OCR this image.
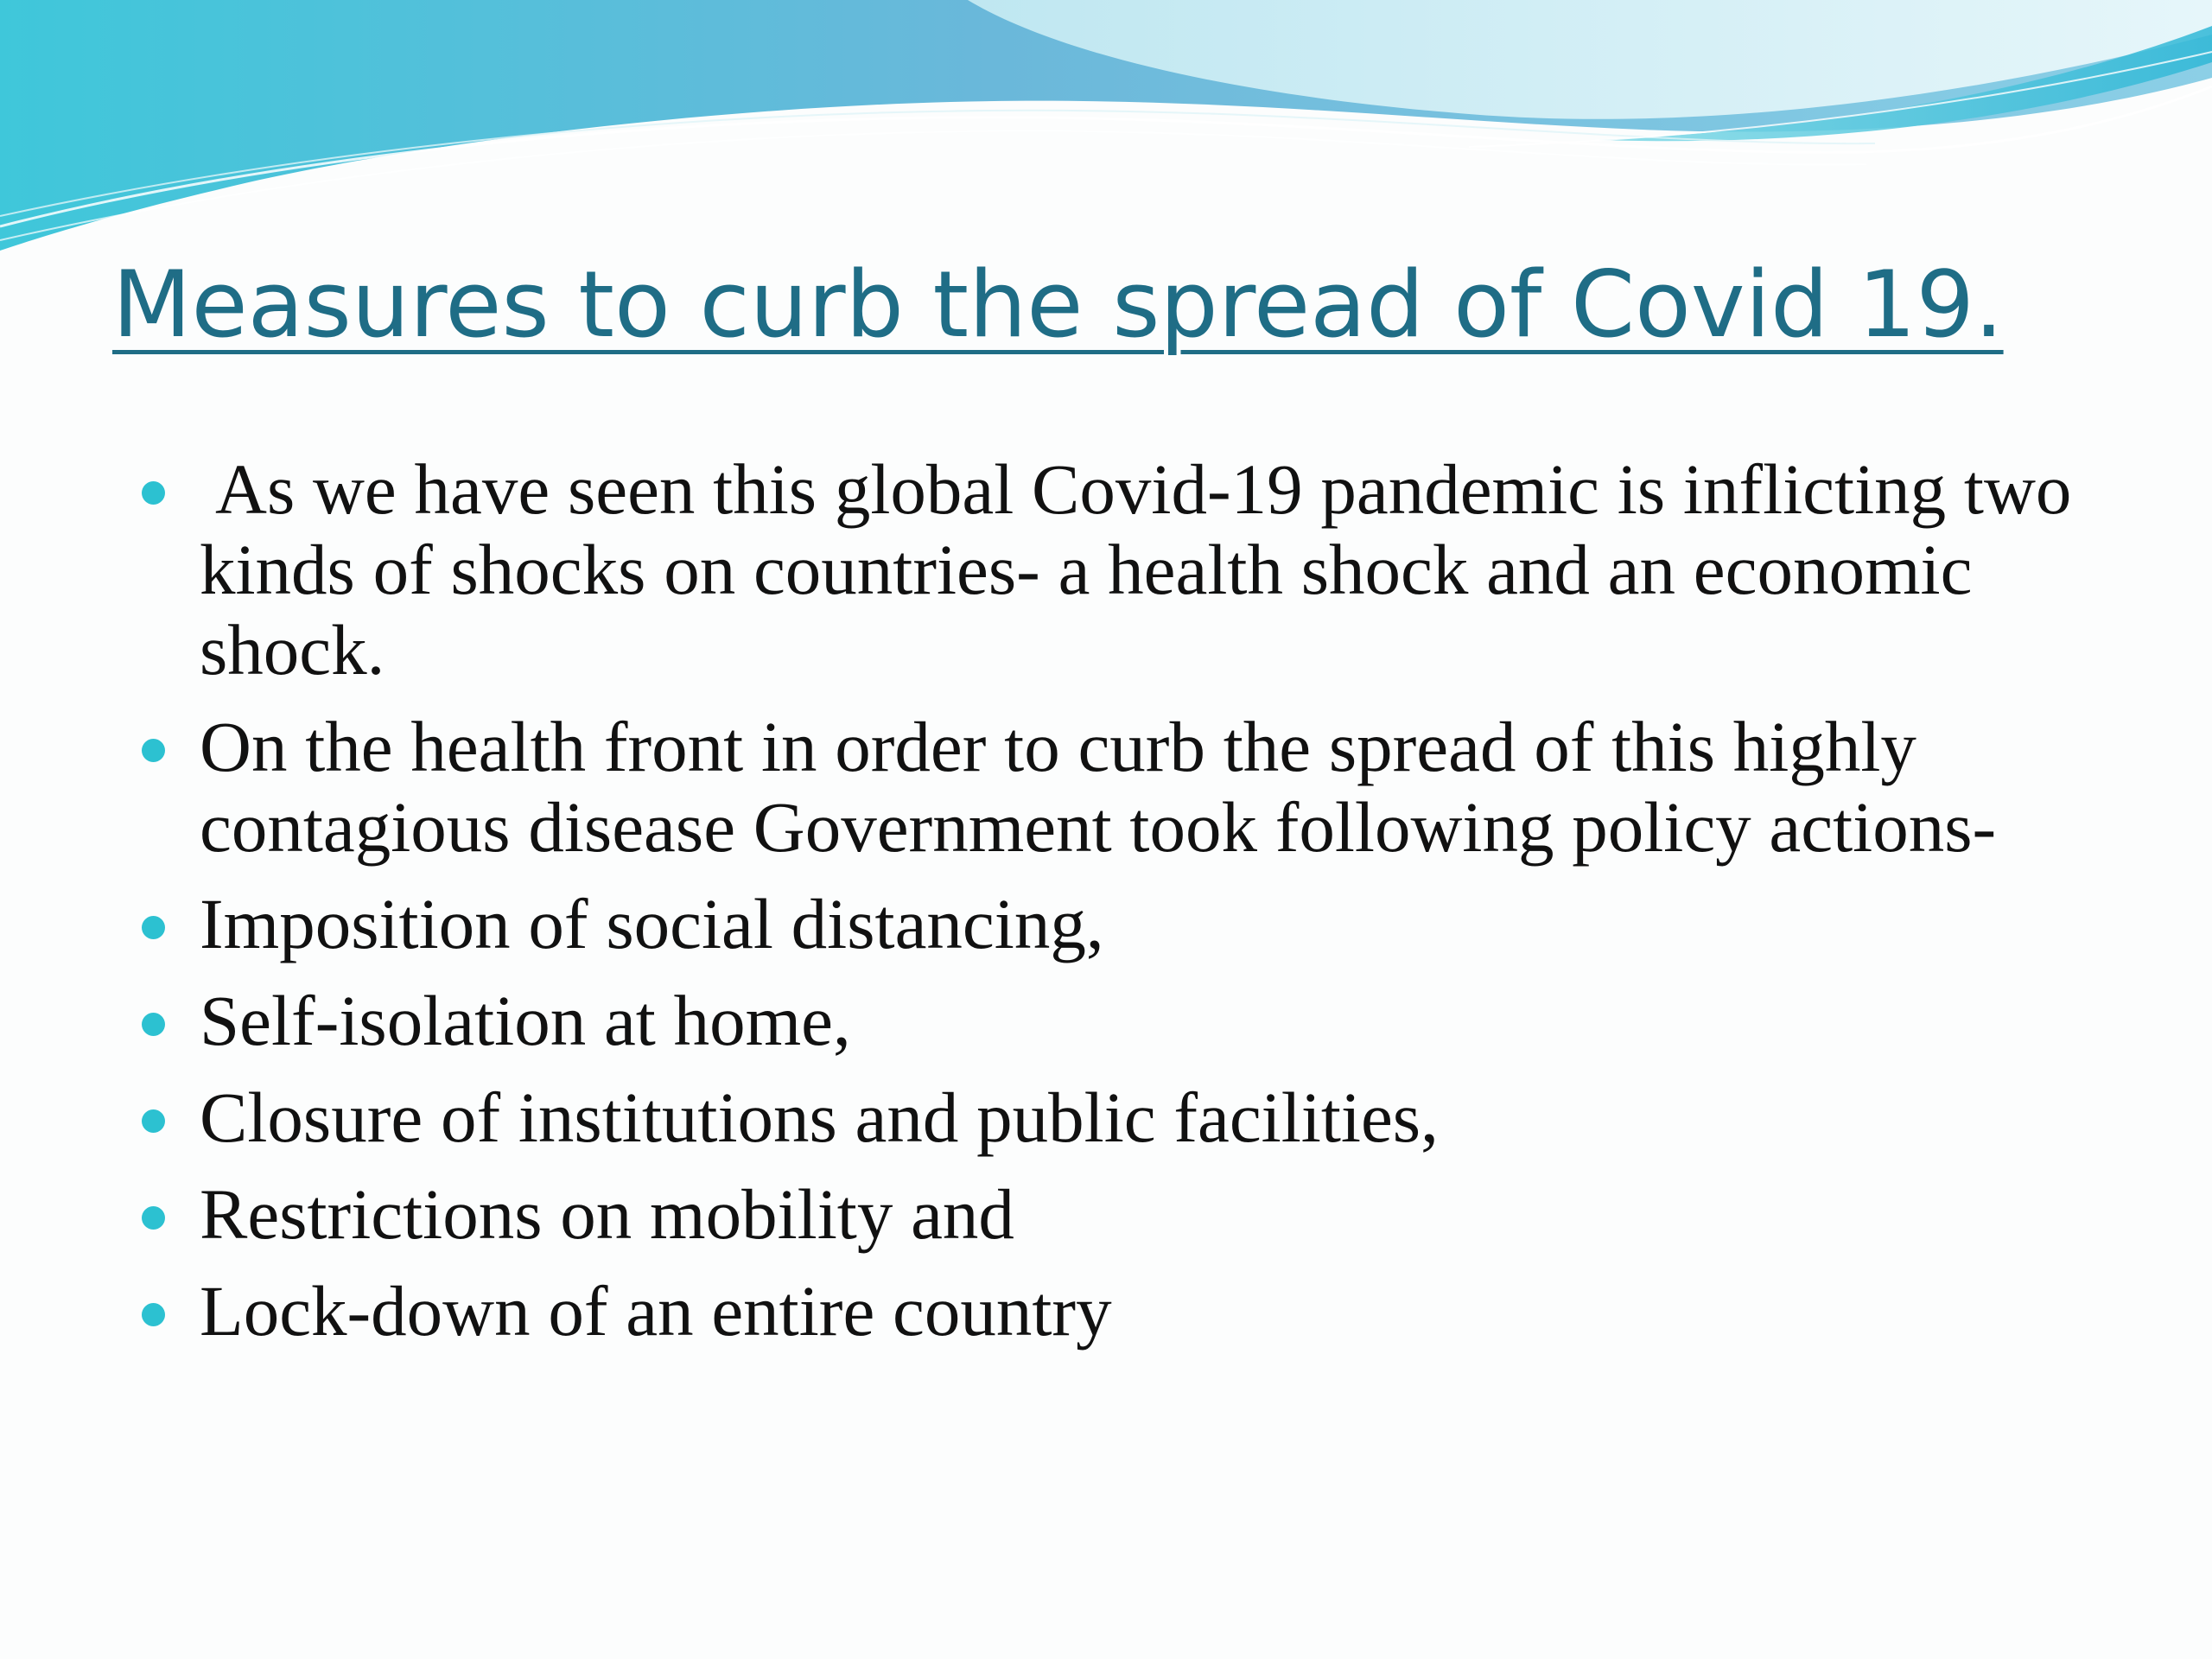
Measures to curb the spread of Covid 19.
As we have seen this global Covid-19 pandemic is inflicting two kinds of shocks on countries- a health shock and an economic shock.
On the health front in order to curb the spread of this highly contagious disease Government took following policy actions-
Imposition of social distancing,
Self-isolation at home,
Closure of institutions and public facilities,
Restrictions on mobility and
Lock-down of an entire country
